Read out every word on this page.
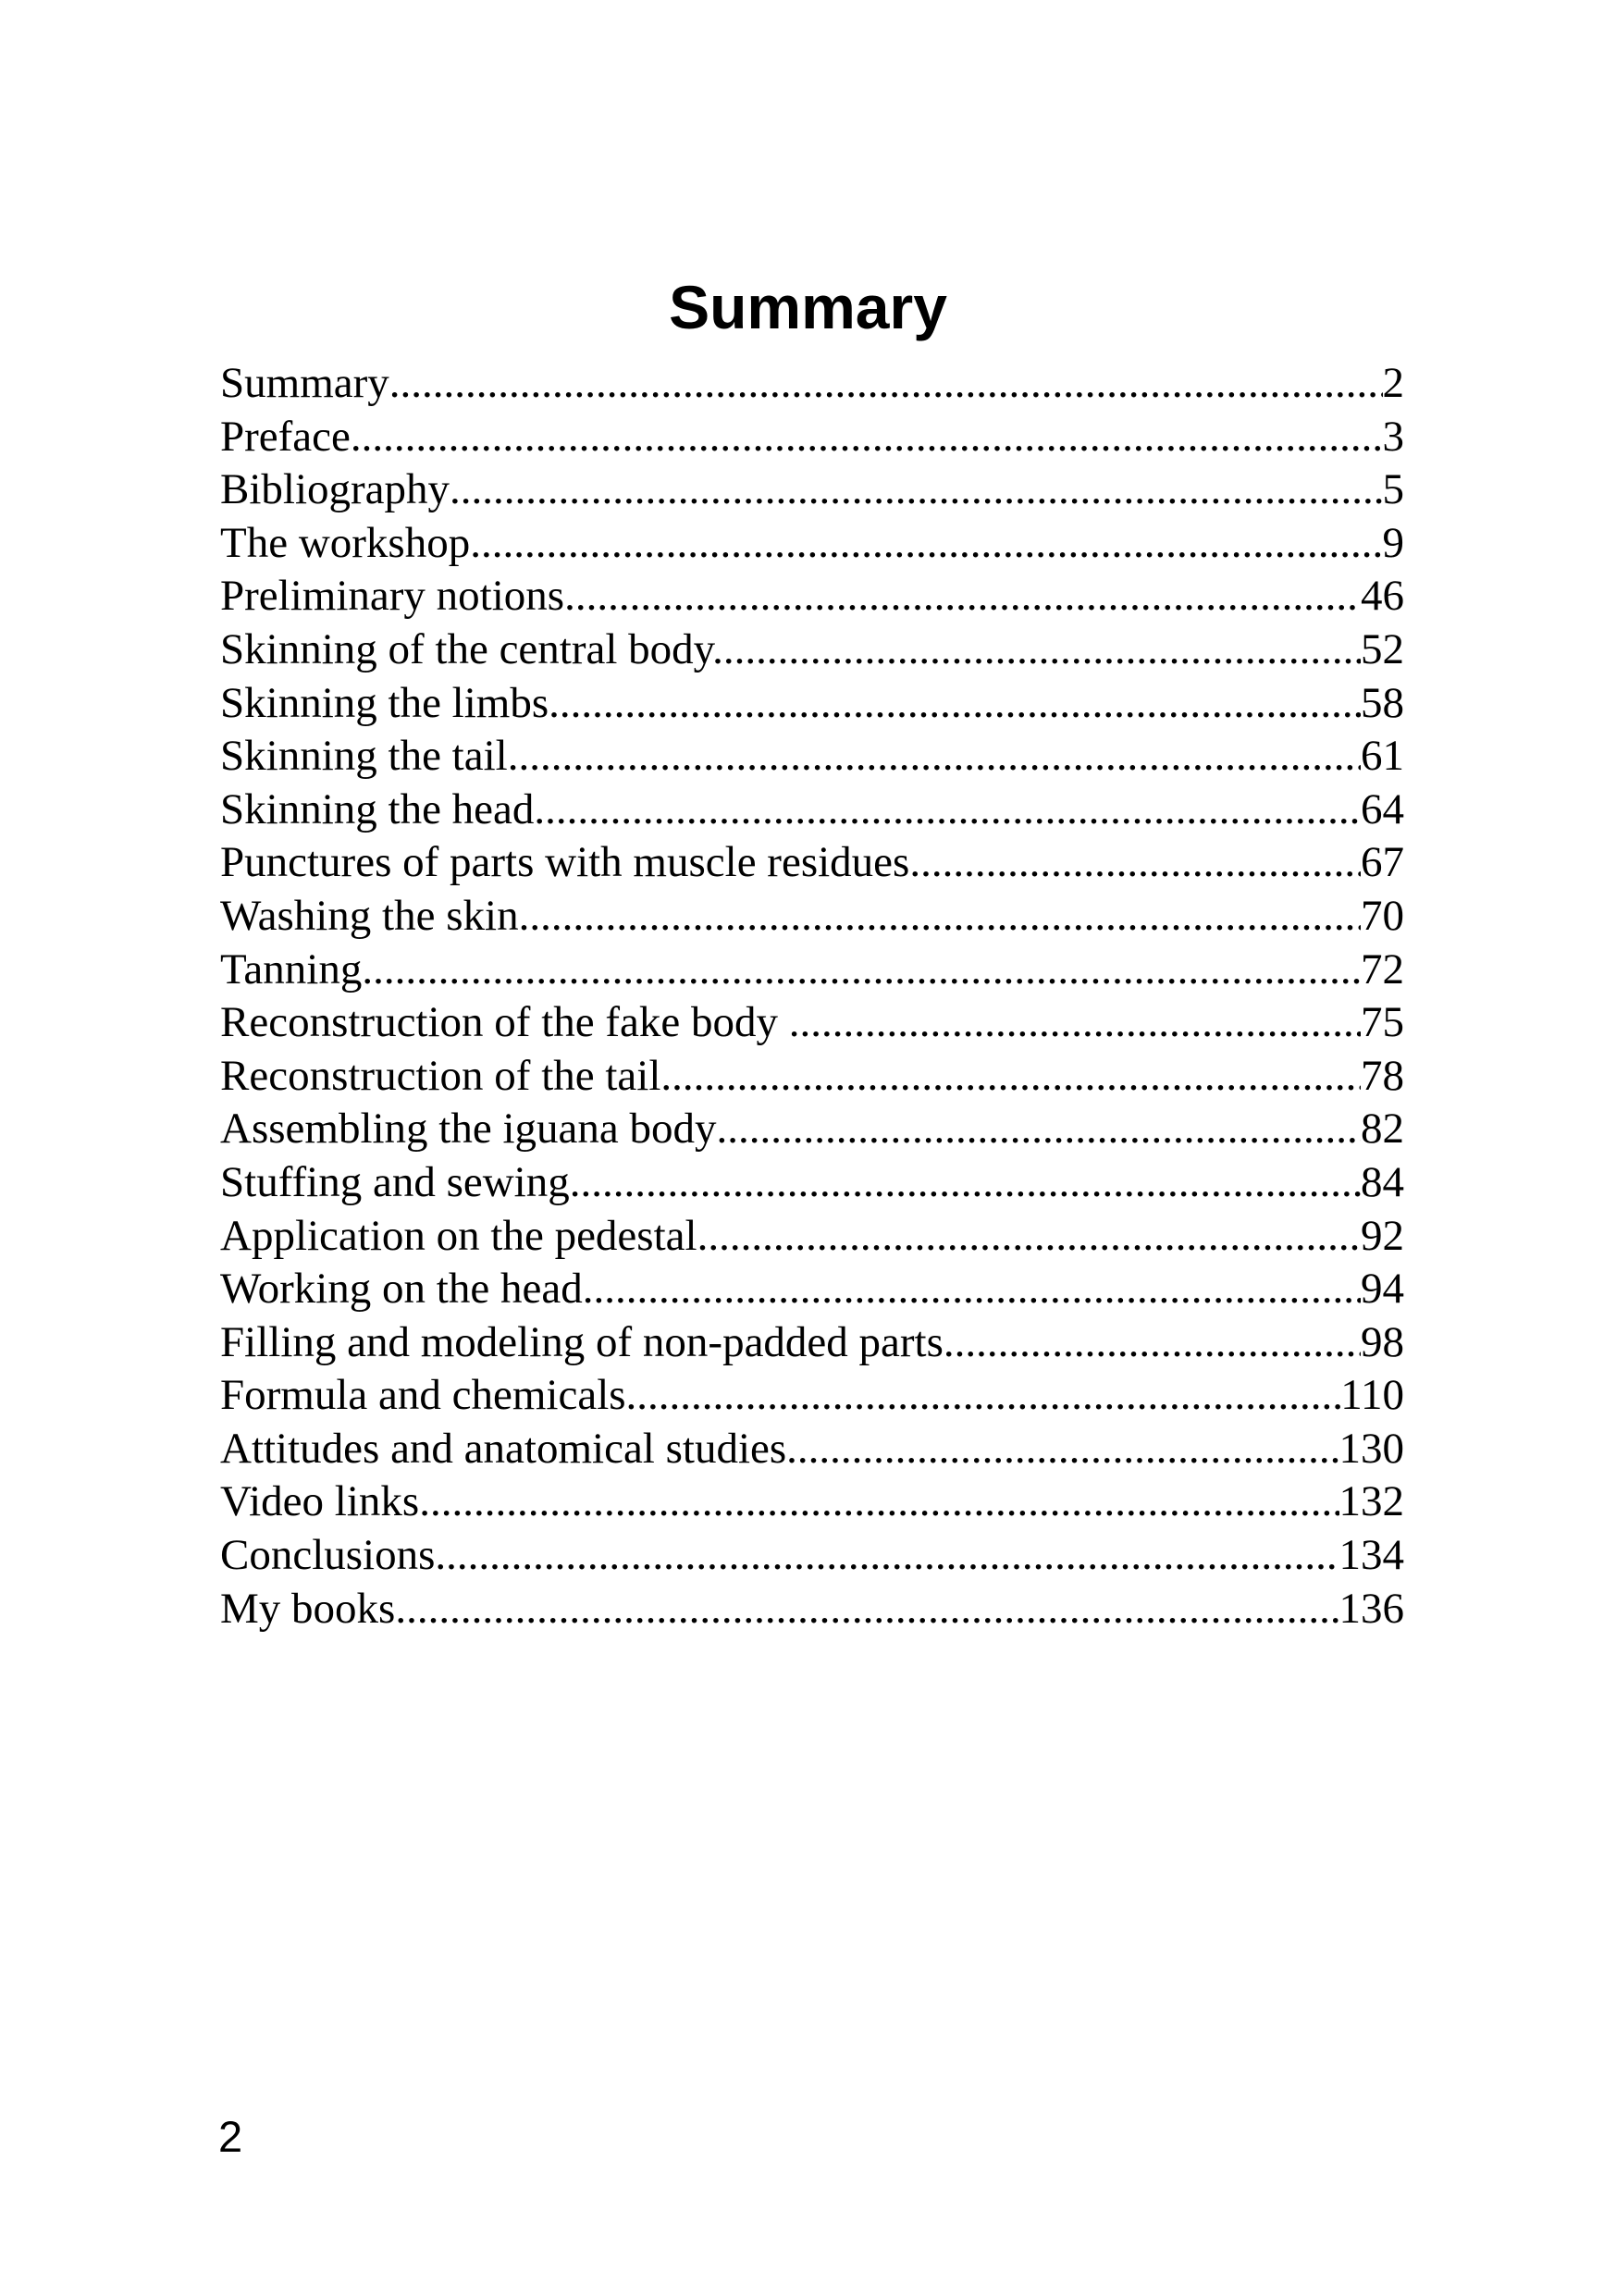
Summary
Summary .....	2
Preface .....	3
Bibliography .....	5
The workshop .....	9
Preliminary notions .....	46
Skinning of the central body. .....	52
Skinning the limbs. .....	58
Skinning the tail. .....	61
Skinning the head .....	64
Punctures of parts with muscle residues .....	67
Washing the skin .....	70
Tanning .....	72
Reconstruction of the fake body . .....	75
Reconstruction of the tail. .....	78
Assembling the iguana body .....	82
Stuffing and sewing .....	84
Application on the pedestal .....	92
Working on the head .....	94
Filling and modeling of non-padded parts .....	98
Formula and chemicals .....	110
Attitudes and anatomical studies .....	130
Video links .....	132
Conclusions .....	134
My books .....	136

2
